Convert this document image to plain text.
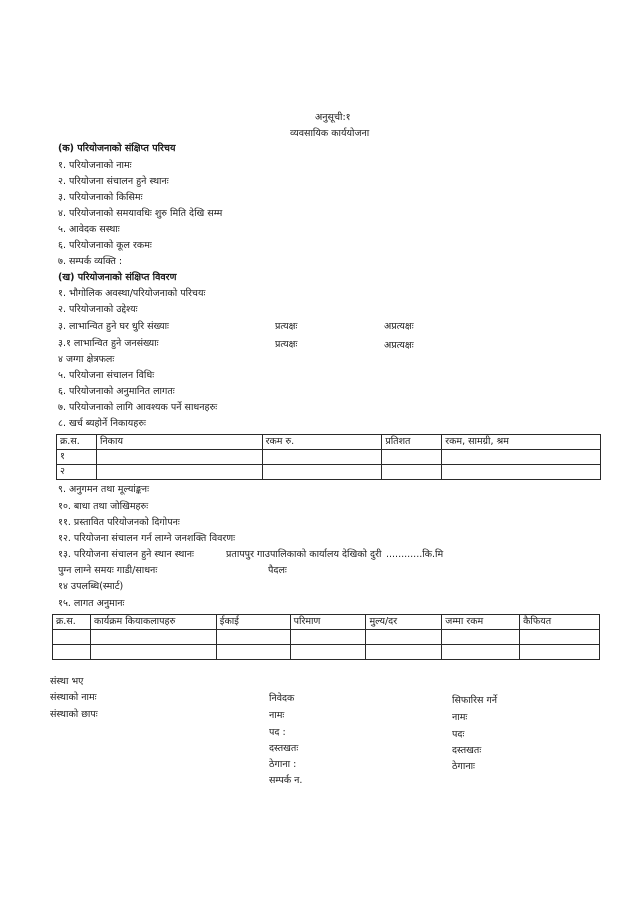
अनुसूची:१
व्यवसायिक कार्ययोजना
(क) परियोजनाको संक्षिप्त परिचय
१. परियोजनाको नामः
२. परियोजना संचालन हुने स्थानः
३. परियोजनाको किसिमः
४. परियोजनाको समयावधिः शुरु मिति देखि सम्म
५. आवेदक सस्थाः
६. परियोजनाको कूल रकमः
७. सम्पर्क व्यक्ति :
(ख) परियोजनाको संक्षिप्त विवरण
१. भौगोलिक अवस्था/परियोजनाको परिचयः
२. परियोजनाको उद्देश्यः
३. लाभान्वित हुने घर धुरि संख्याः	प्रत्यक्षः	अप्रत्यक्षः
३.१ लाभान्वित हुने जनसंख्याः	प्रत्यक्षः	अप्रत्यक्षः
४ जग्गा क्षेत्रफलः
५. परियोजना संचालन विधिः
६. परियोजनाको अनुमानित लागतः
७. परियोजनाको लागि आवश्यक पर्ने साधनहरुः
८. खर्च ब्यहोर्ने निकायहरुः
क्र.स.	निकाय	रकम रु.	प्रतिशत	रकम, सामग्री, श्रम
१				
२				
९. अनुगमन तथा मूल्यांङ्कनः
१०. बाधा तथा जोखिमहरुः
११. प्रस्तावित परियोजनको दिगोपनः
१२. परियोजना संचालन गर्न लाग्ने जनशक्ति विवरणः
१३. परियोजना संचालन हुने स्थान स्थानः	प्रतापपुर गाउपालिकाको कार्यालय देखिको दुरी ............कि.मि
पुग्न लाग्ने समयः गाडी/साधनः	पैदलः
१४ उपलब्धि(स्मार्ट)
१५. लागत अनुमानः
क्र.स.	कार्यक्रम कियाकलापहरु	ईकाई	परिमाण	मुल्य/दर	जम्मा रकम	कैफियत

संस्था भए
संस्थाको नामः
संस्थाको छापः
निवेदक
नामः
पद :
दस्तखतः
ठेगाना :
सम्पर्क न.
सिफारिस गर्ने
नामः
पदः
दस्तखतः
ठेगानाः
